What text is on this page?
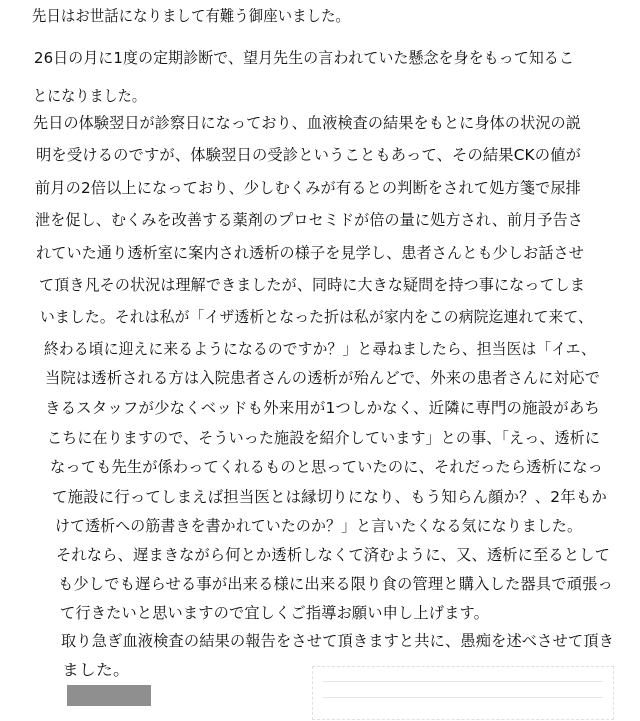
先日はお世話になりまして有難う御座いました。
26日の月に1度の定期診断で、望月先生の言われていた懸念を身をもって知るこ
とになりました。
先日の体験翌日が診察日になっており、血液検査の結果をもとに身体の状況の説
明を受けるのですが、体験翌日の受診ということもあって、その結果CKの値が
前月の2倍以上になっており、少しむくみが有るとの判断をされて処方箋で尿排
泄を促し、むくみを改善する薬剤のプロセミドが倍の量に処方され、前月予告さ
れていた通り透析室に案内され透析の様子を見学し、患者さんとも少しお話させ
て頂き凡その状況は理解できましたが、同時に大きな疑問を持つ事になってしま
いました。それは私が「イザ透析となった折は私が家内をこの病院迄連れて来て、
終わる頃に迎えに来るようになるのですか？」と尋ねましたら、担当医は「イエ、
当院は透析される方は入院患者さんの透析が殆んどで、外来の患者さんに対応で
きるスタッフが少なくベッドも外来用が1つしかなく、近隣に専門の施設があち
こちに在りますので、そういった施設を紹介しています」との事、「えっ、透析に
なっても先生が係わってくれるものと思っていたのに、それだったら透析になっ
て施設に行ってしまえば担当医とは縁切りになり、もう知らん顔か？、2年もか
けて透析への筋書きを書かれていたのか？」と言いたくなる気になりました。
それなら、遅まきながら何とか透析しなくて済むように、又、透析に至るとして
も少しでも遅らせる事が出来る様に出来る限り食の管理と購入した器具で頑張っ
て行きたいと思いますので宜しくご指導お願い申し上げます。
取り急ぎ血液検査の結果の報告をさせて頂きますと共に、愚痴を述べさせて頂き
ました。
